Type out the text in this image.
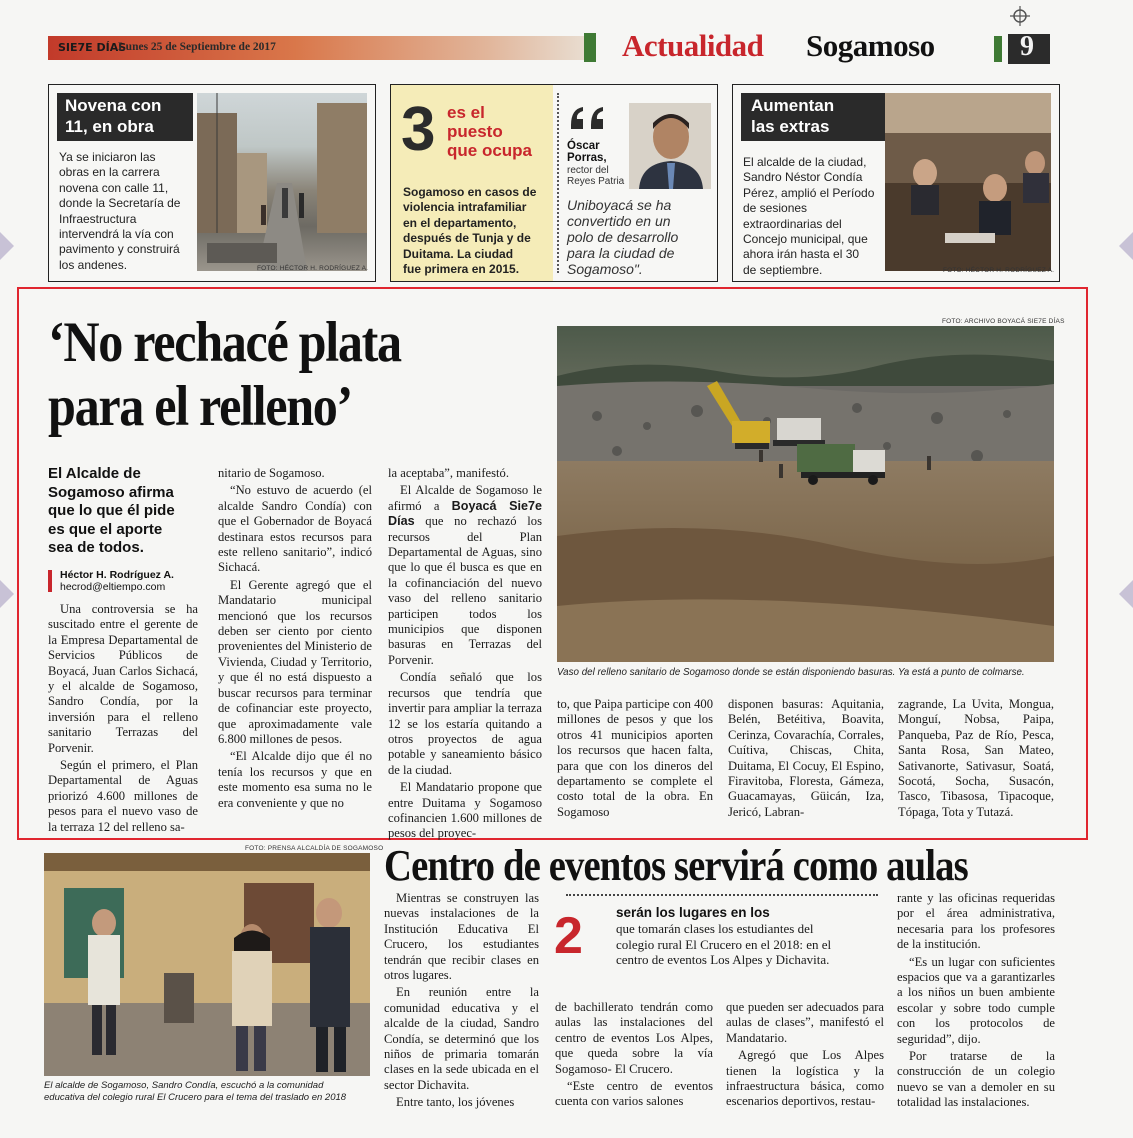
SIE7E DÍAS
Lunes 25 de Septiembre de 2017	Actualidad Sogamoso	9
Novena con
11, en obra
Ya se iniciaron las
obras en la carrera
novena con calle 11,
donde la Secretaría de
Infraestructura
intervendrá la vía con
pavimento y construirá
los andenes.	FOTO: HÉCTOR H. RODRÍGUEZ A.
3 es el
puesto
que ocupa
Sogamoso en casos de
violencia intrafamiliar
en el departamento,
después de Tunja y de
Duitama. La ciudad
fue primera en 2015.
Óscar
Porras,
rector del
Reyes Patria
Uniboyacá se ha
convertido en un
polo de desarrollo
para la ciudad de
Sogamoso".
Aumentan
las extras
El alcalde de la ciudad,
Sandro Néstor Condía
Pérez, amplió el Período
de sesiones
extraordinarias del
Concejo municipal, que
ahora irán hasta el 30
de septiembre.	FOTO: HÉCTOR H. RODRÍGUEZ A.
‘No rechacé plata
para el relleno’
El Alcalde de
Sogamoso afirma
que lo que él pide
es que el aporte
sea de todos.
Héctor H. Rodríguez A.
hecrod@eltiempo.com

Una controversia se ha suscitado entre el gerente de la Empresa Departamental de Servicios Públicos de Boyacá, Juan Carlos Sichacá, y el alcalde de Sogamoso, Sandro Condía, por la inversión para el relleno sanitario Terrazas del Porvenir.

Según el primero, el Plan Departamental de Aguas priorizó 4.600 millones de pesos para el nuevo vaso de la terraza 12 del relleno sa-

nitario de Sogamoso.

“No estuvo de acuerdo (el alcalde Sandro Condía) con que el Gobernador de Boyacá destinara estos recursos para este relleno sanitario”, indicó Sichacá.

El Gerente agregó que el Mandatario municipal mencionó que los recursos deben ser ciento por ciento provenientes del Ministerio de Vivienda, Ciudad y Territorio, y que él no está dispuesto a buscar recursos para terminar de cofinanciar este proyecto, que aproximadamente vale 6.800 millones de pesos.

“El Alcalde dijo que él no tenía los recursos y que en este momento esa suma no le era conveniente y que no

la aceptaba”, manifestó.

El Alcalde de Sogamoso le afirmó a Boyacá Sie7e Días que no rechazó los recursos del Plan Departamental de Aguas, sino que lo que él busca es que en la cofinanciación del nuevo vaso del relleno sanitario participen todos los municipios que disponen basuras en Terrazas del Porvenir.

Condía señaló que los recursos que tendría que invertir para ampliar la terraza 12 se los estaría quitando a otros proyectos de agua potable y saneamiento básico de la ciudad.

El Mandatario propone que entre Duitama y Sogamoso cofinancien 1.600 millones de pesos del proyec-

FOTO: ARCHIVO BOYACÁ SIE7E DÍAS
Vaso del relleno sanitario de Sogamoso donde se están disponiendo basuras. Ya está a punto de colmarse.

to, que Paipa participe con 400 millones de pesos y que los otros 41 municipios aporten los recursos que hacen falta, para que con los dineros del departamento se complete el costo total de la obra. En Sogamoso

disponen basuras: Aquitania, Belén, Betéitiva, Boavita, Cerinza, Covarachía, Corrales, Cuítiva, Chiscas, Chita, Duitama, El Cocuy, El Espino, Firavitoba, Floresta, Gámeza, Guacamayas, Güicán, Iza, Jericó, Labran-

zagrande, La Uvita, Mongua, Monguí, Nobsa, Paipa, Panqueba, Paz de Río, Pesca, Santa Rosa, San Mateo, Sativanorte, Sativasur, Soatá, Socotá, Socha, Susacón, Tasco, Tibasosa, Tipacoque, Tópaga, Tota y Tutazá.

FOTO: PRENSA ALCALDÍA DE SOGAMOSO
El alcalde de Sogamoso, Sandro Condía, escuchó a la comunidad
educativa del colegio rural El Crucero para el tema del traslado en 2018
Centro de eventos servirá como aulas

Mientras se construyen las nuevas instalaciones de la Institución Educativa El Crucero, los estudiantes tendrán que recibir clases en otros lugares.

En reunión entre la comunidad educativa y el alcalde de la ciudad, Sandro Condía, se determinó que los niños de primaria tomarán clases en la sede ubicada en el sector Dichavita.

Entre tanto, los jóvenes

2 serán los lugares en los
que tomarán clases los estudiantes del
colegio rural El Crucero en el 2018: en el
centro de eventos Los Alpes y Dichavita.

de bachillerato tendrán como aulas las instalaciones del centro de eventos Los Alpes, que queda sobre la vía Sogamoso- El Crucero.

“Este centro de eventos cuenta con varios salones

que pueden ser adecuados para aulas de clases”, manifestó el Mandatario.

Agregó que Los Alpes tienen la logística y la infraestructura básica, como escenarios deportivos, restau-

rante y las oficinas requeridas por el área administrativa, necesaria para los profesores de la institución.

“Es un lugar con suficientes espacios que va a garantizarles a los niños un buen ambiente escolar y sobre todo cumple con los protocolos de seguridad”, dijo.

Por tratarse de la construcción de un colegio nuevo se van a demoler en su totalidad las instalaciones.
